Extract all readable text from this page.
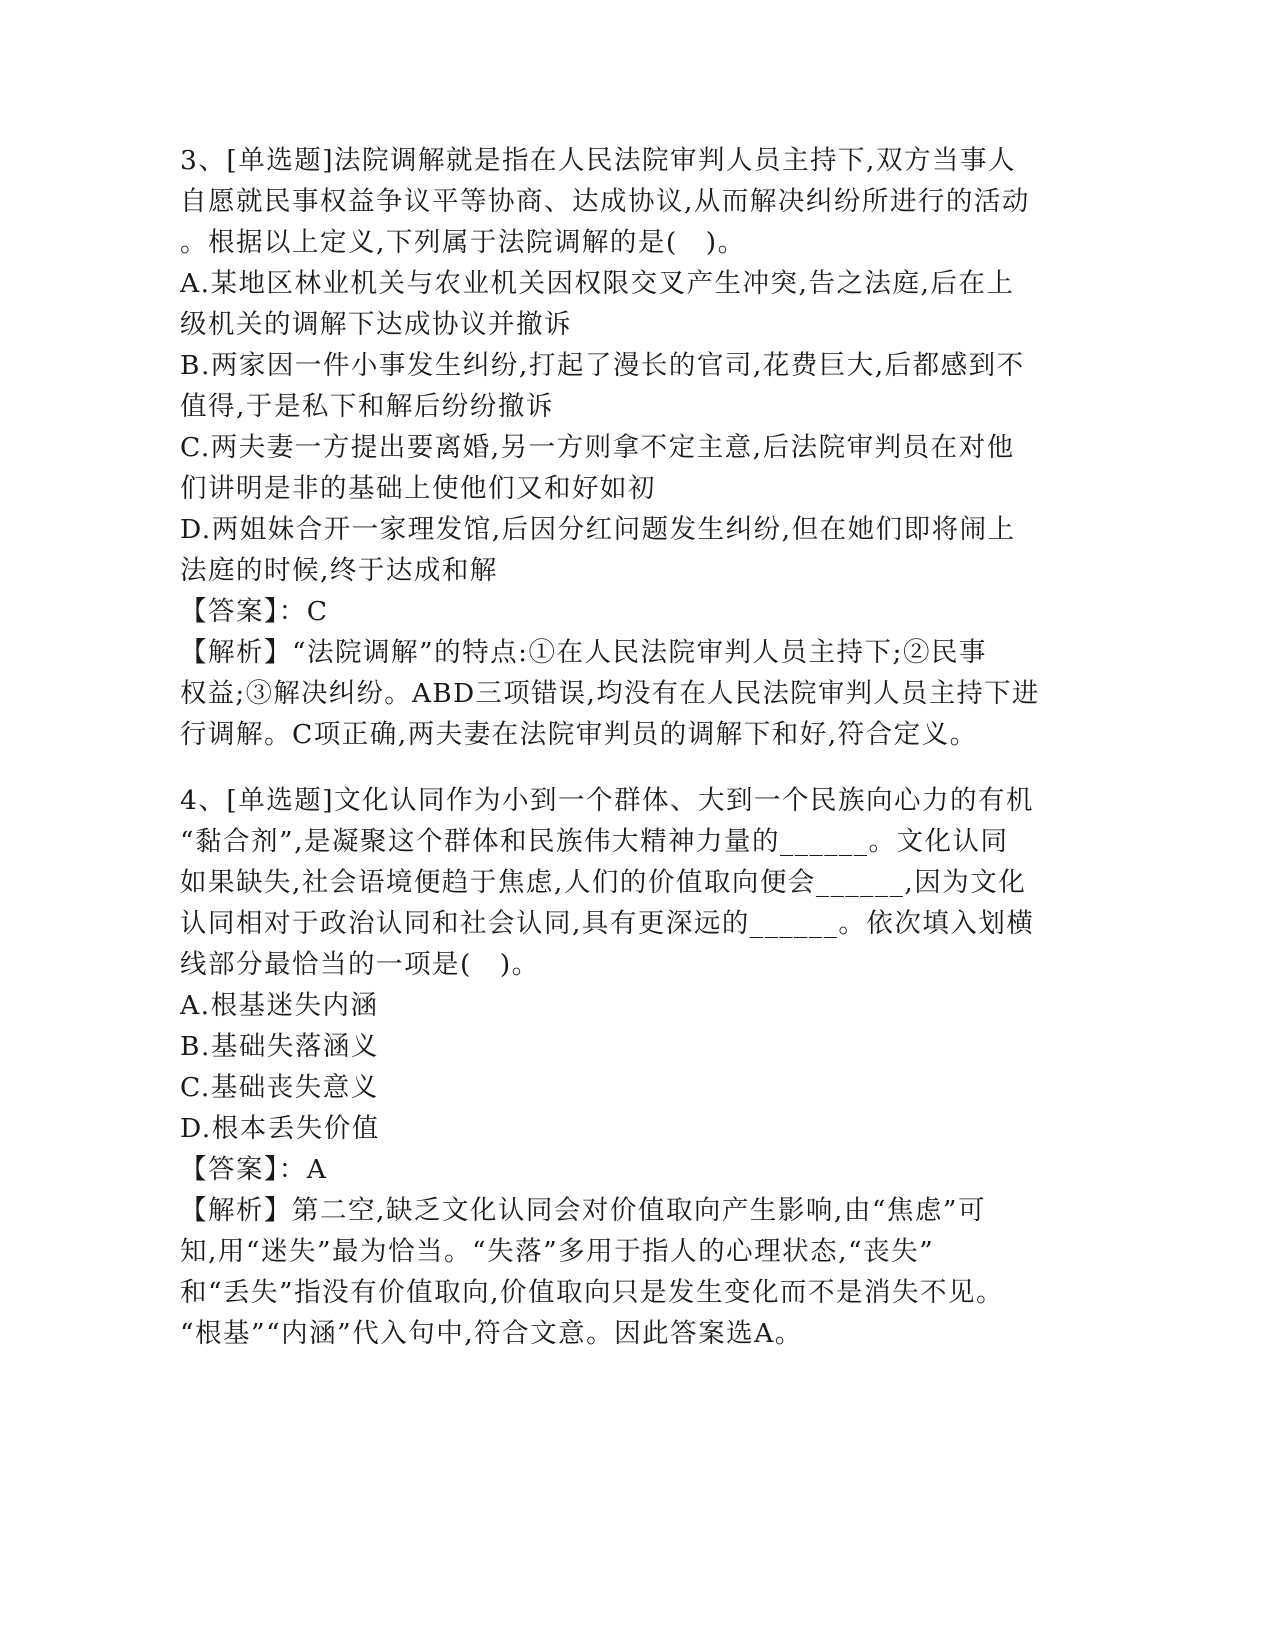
3、[单选题]法院调解就是指在人民法院审判人员主持下,双方当事人
自愿就民事权益争议平等协商、达成协议,从而解决纠纷所进行的活动
。根据以上定义,下列属于法院调解的是(　)。
A.某地区林业机关与农业机关因权限交叉产生冲突,告之法庭,后在上
级机关的调解下达成协议并撤诉
B.两家因一件小事发生纠纷,打起了漫长的官司,花费巨大,后都感到不
值得,于是私下和解后纷纷撤诉
C.两夫妻一方提出要离婚,另一方则拿不定主意,后法院审判员在对他
们讲明是非的基础上使他们又和好如初
D.两姐妹合开一家理发馆,后因分红问题发生纠纷,但在她们即将闹上
法庭的时候,终于达成和解
【答案】：C
【解析】“法院调解”的特点:①在人民法院审判人员主持下;②民事
权益;③解决纠纷。ABD三项错误,均没有在人民法院审判人员主持下进
行调解。C项正确,两夫妻在法院审判员的调解下和好,符合定义。
4、[单选题]文化认同作为小到一个群体、大到一个民族向心力的有机
“黏合剂”,是凝聚这个群体和民族伟大精神力量的______。文化认同
如果缺失,社会语境便趋于焦虑,人们的价值取向便会______,因为文化
认同相对于政治认同和社会认同,具有更深远的______。依次填入划横
线部分最恰当的一项是(　)。
A.根基迷失内涵
B.基础失落涵义
C.基础丧失意义
D.根本丢失价值
【答案】：A
【解析】第二空,缺乏文化认同会对价值取向产生影响,由“焦虑”可
知,用“迷失”最为恰当。“失落”多用于指人的心理状态,“丧失”
和“丢失”指没有价值取向,价值取向只是发生变化而不是消失不见。
“根基”“内涵”代入句中,符合文意。因此答案选A。
